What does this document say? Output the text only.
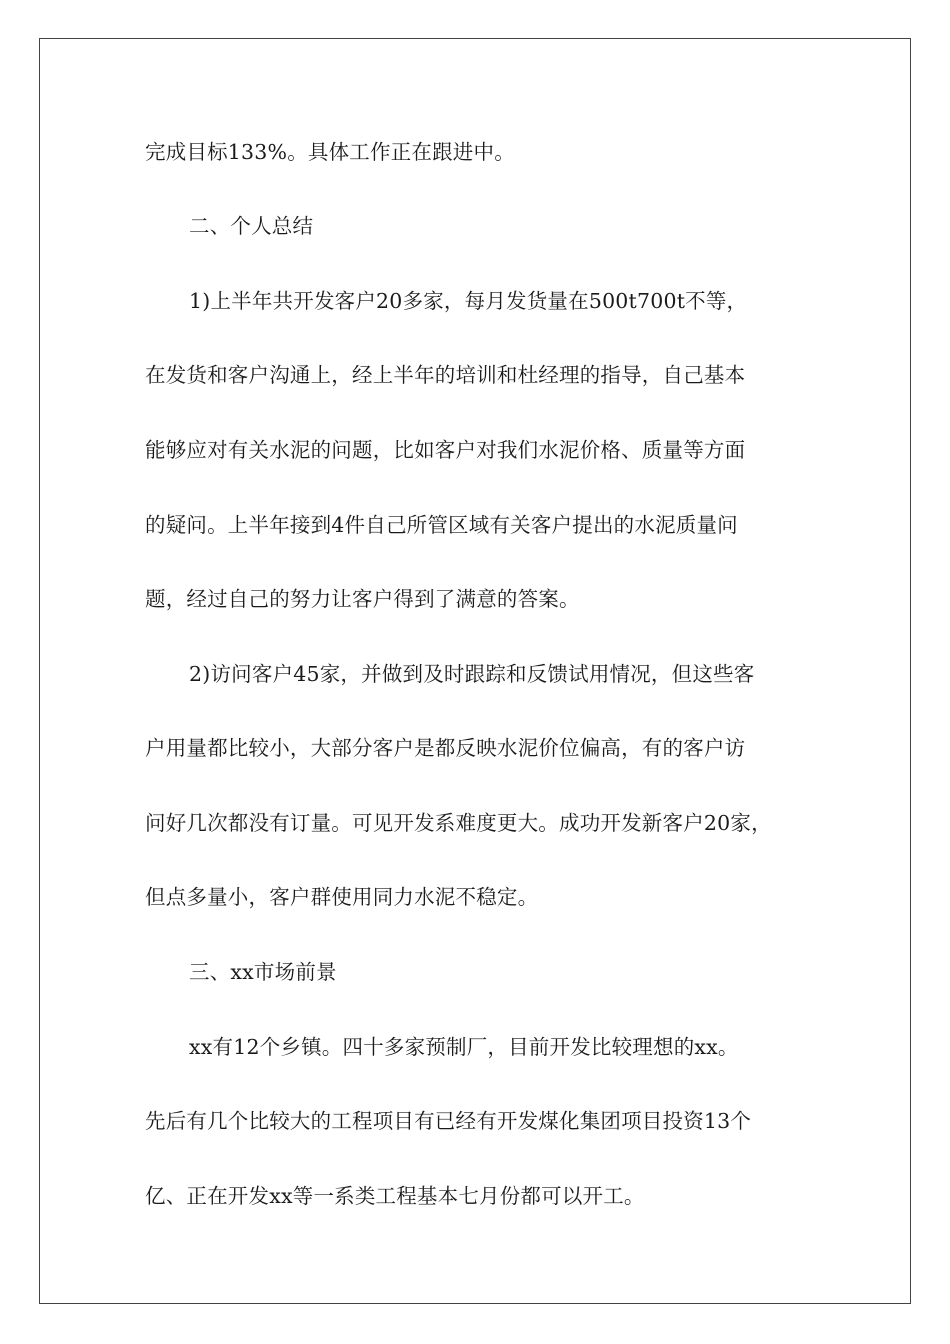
完成目标133%。具体工作正在跟进中。
二、个人总结
1)上半年共开发客户20多家，每月发货量在500t700t不等，
在发货和客户沟通上，经上半年的培训和杜经理的指导，自己基本
能够应对有关水泥的问题，比如客户对我们水泥价格、质量等方面
的疑问。上半年接到4件自己所管区域有关客户提出的水泥质量问
题，经过自己的努力让客户得到了满意的答案。
2)访问客户45家，并做到及时跟踪和反馈试用情况，但这些客
户用量都比较小，大部分客户是都反映水泥价位偏高，有的客户访
问好几次都没有订量。可见开发系难度更大。成功开发新客户20家，
但点多量小，客户群使用同力水泥不稳定。
三、xx市场前景
xx有12个乡镇。四十多家预制厂，目前开发比较理想的xx。
先后有几个比较大的工程项目有已经有开发煤化集团项目投资13个
亿、正在开发xx等一系类工程基本七月份都可以开工。
